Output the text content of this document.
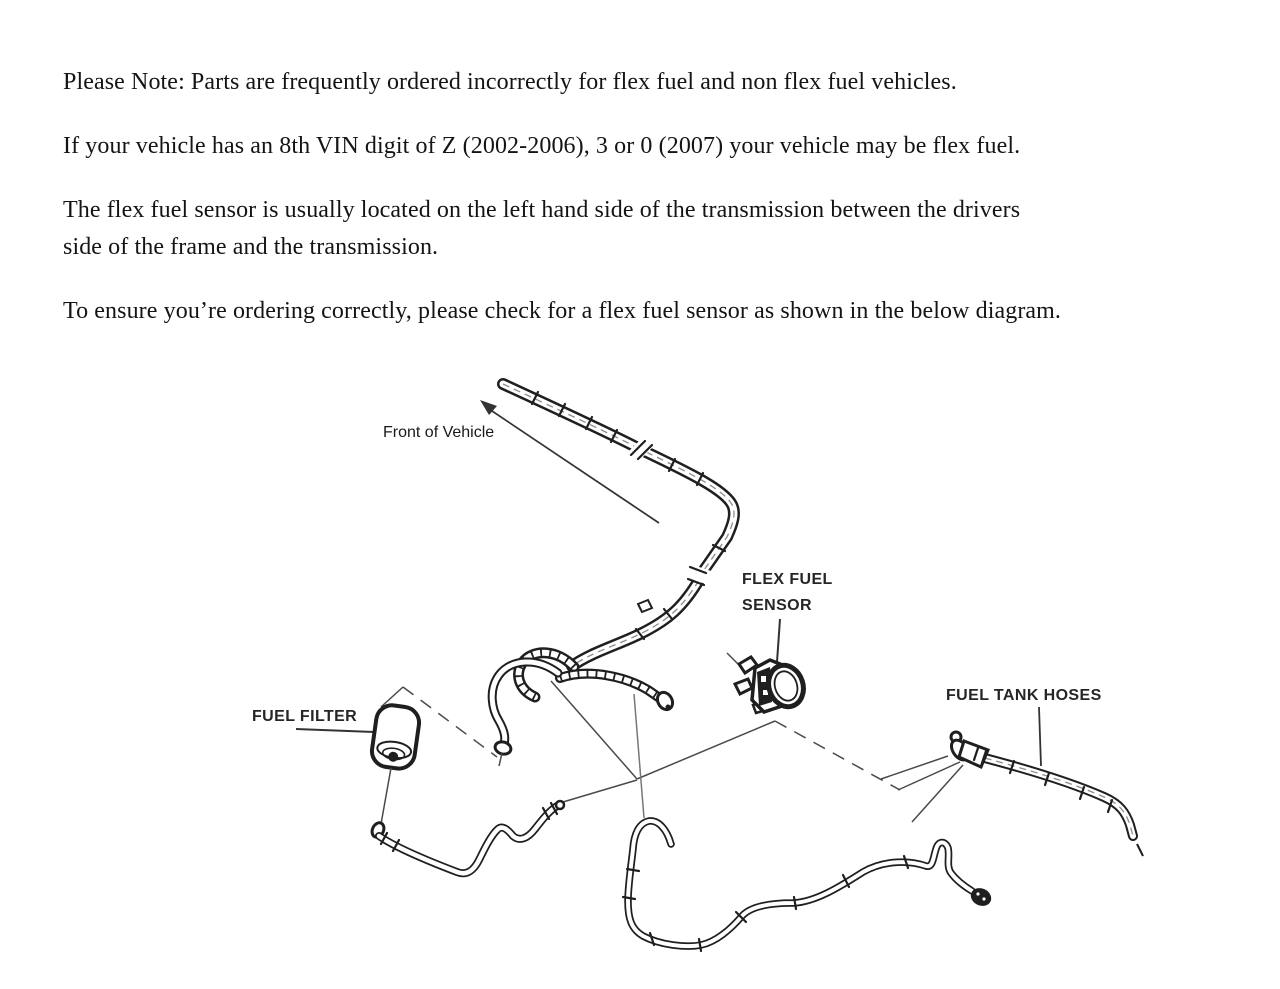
Please Note: Parts are frequently ordered incorrectly for flex fuel and non flex fuel vehicles.

If your vehicle has an 8th VIN digit of Z (2002-2006), 3 or 0 (2007) your vehicle may be flex fuel.

The flex fuel sensor is usually located on the left hand side of the transmission between the drivers
side of the frame and the transmission.

To ensure you’re ordering correctly, please check for a flex fuel sensor as shown in the below diagram.

Front of Vehicle
FLEX FUEL
SENSOR
FUEL FILTER
FUEL TANK HOSES
